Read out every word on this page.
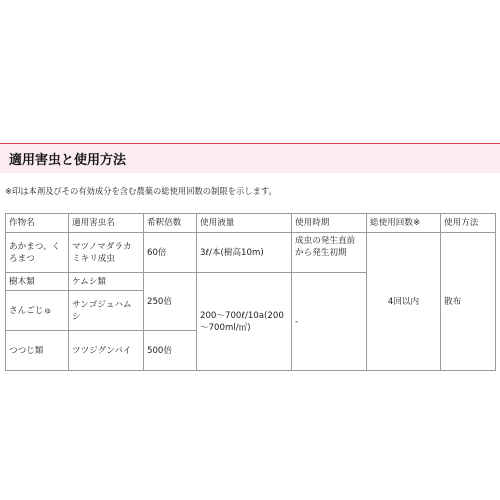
適用害虫と使用方法
※印は本剤及びその有効成分を含む農薬の総使用回数の制限を示します。
作物名	適用害虫名	希釈倍数	使用液量	使用時期	総使用回数※	使用方法
あかまつ、くろまつ	マツノマダラカミキリ成虫	60倍	3ℓ/本(樹高10m)	成虫の発生直前から発生初期	4回以内	散布
樹木類	ケムシ類	250倍	200～700ℓ/10a(200～700ml/㎡)	-		
さんごじゅ	サンゴジュハムシ					
つつじ類	ツツジグンバイ	500倍				
